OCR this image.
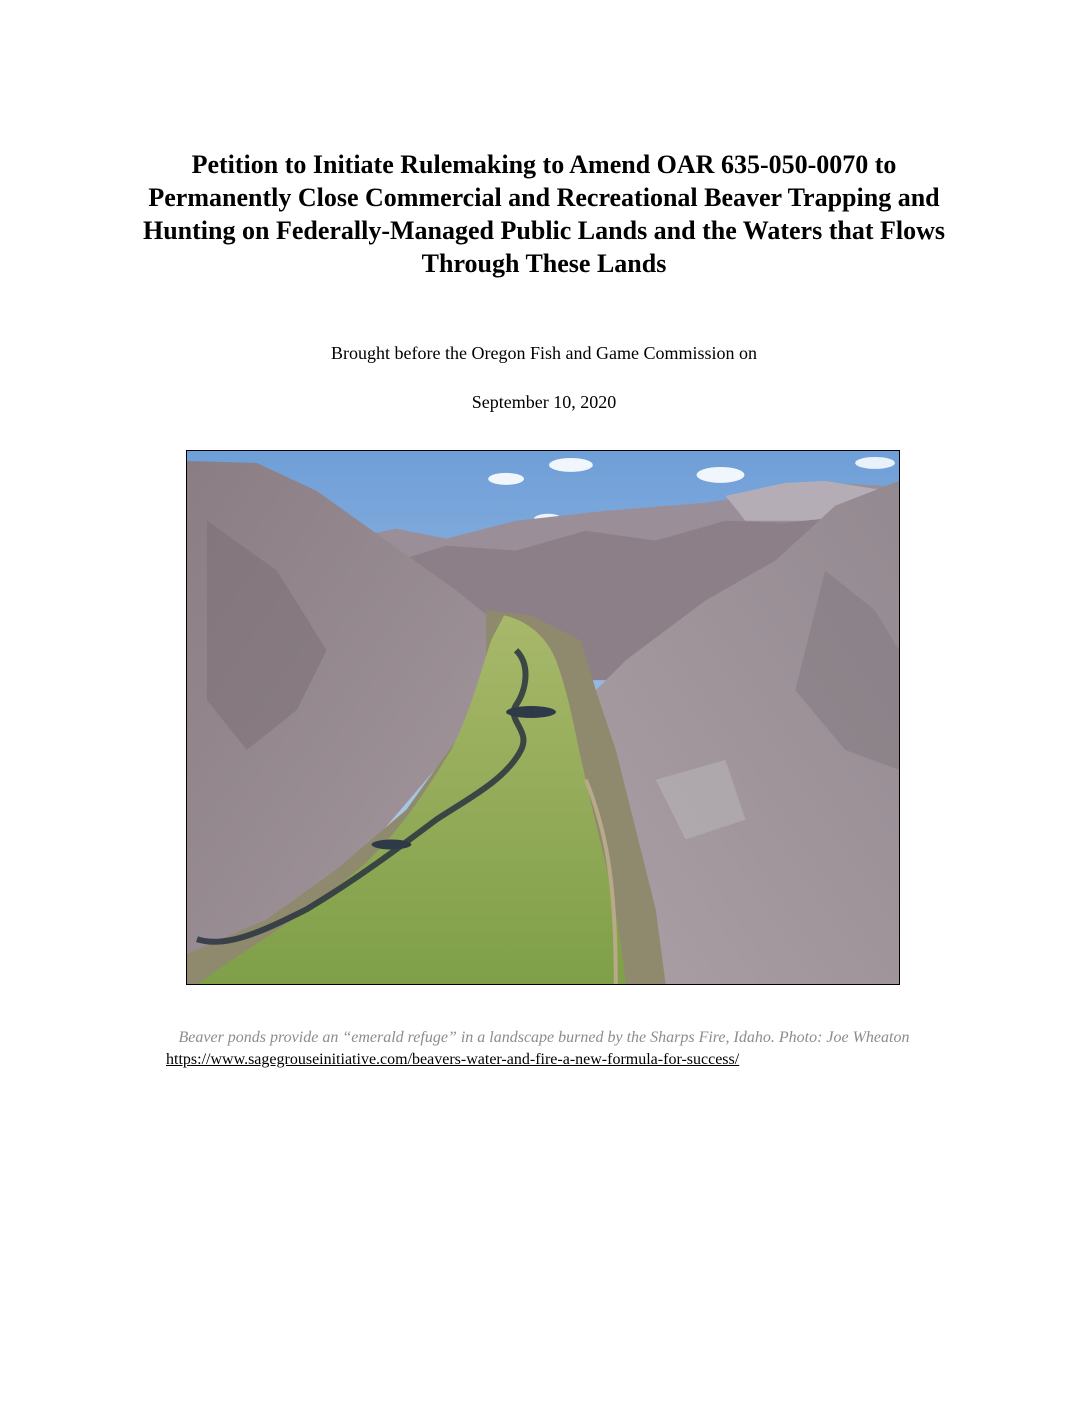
Petition to Initiate Rulemaking to Amend OAR 635-050-0070 to
Permanently Close Commercial and Recreational Beaver Trapping and
Hunting on Federally-Managed Public Lands and the Waters that Flows
Through These Lands
Brought before the Oregon Fish and Game Commission on
September 10, 2020
Beaver ponds provide an “emerald refuge” in a landscape burned by the Sharps Fire, Idaho. Photo: Joe Wheaton
https://www.sagegrouseinitiative.com/beavers-water-and-fire-a-new-formula-for-success/
